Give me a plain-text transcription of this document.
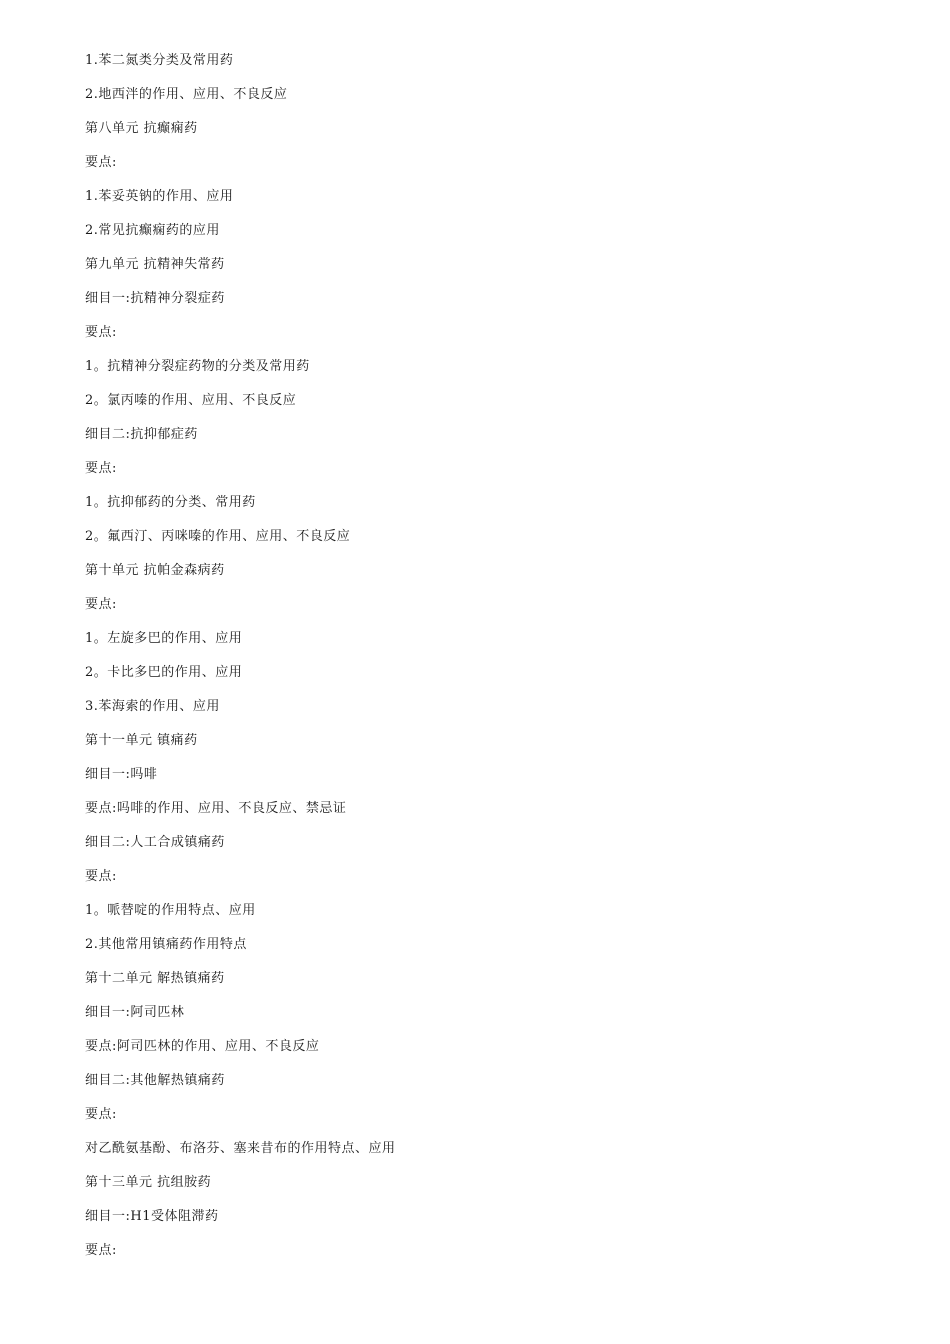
1.苯二氮类分类及常用药
2.地西泮的作用、应用、不良反应
第八单元 抗癫痫药
要点:
1.苯妥英钠的作用、应用
2.常见抗癫痫药的应用
第九单元 抗精神失常药
细目一:抗精神分裂症药
要点:
1。抗精神分裂症药物的分类及常用药
2。氯丙嗪的作用、应用、不良反应
细目二:抗抑郁症药
要点:
1。抗抑郁药的分类、常用药
2。氟西汀、丙咪嗪的作用、应用、不良反应
第十单元 抗帕金森病药
要点:
1。左旋多巴的作用、应用
2。卡比多巴的作用、应用
3.苯海索的作用、应用
第十一单元 镇痛药
细目一:吗啡
要点:吗啡的作用、应用、不良反应、禁忌证
细目二:人工合成镇痛药
要点:
1。哌替啶的作用特点、应用
2.其他常用镇痛药作用特点
第十二单元 解热镇痛药
细目一:阿司匹林
要点:阿司匹林的作用、应用、不良反应
细目二:其他解热镇痛药
要点:
对乙酰氨基酚、布洛芬、塞来昔布的作用特点、应用
第十三单元 抗组胺药
细目一:H1受体阻滞药
要点:
